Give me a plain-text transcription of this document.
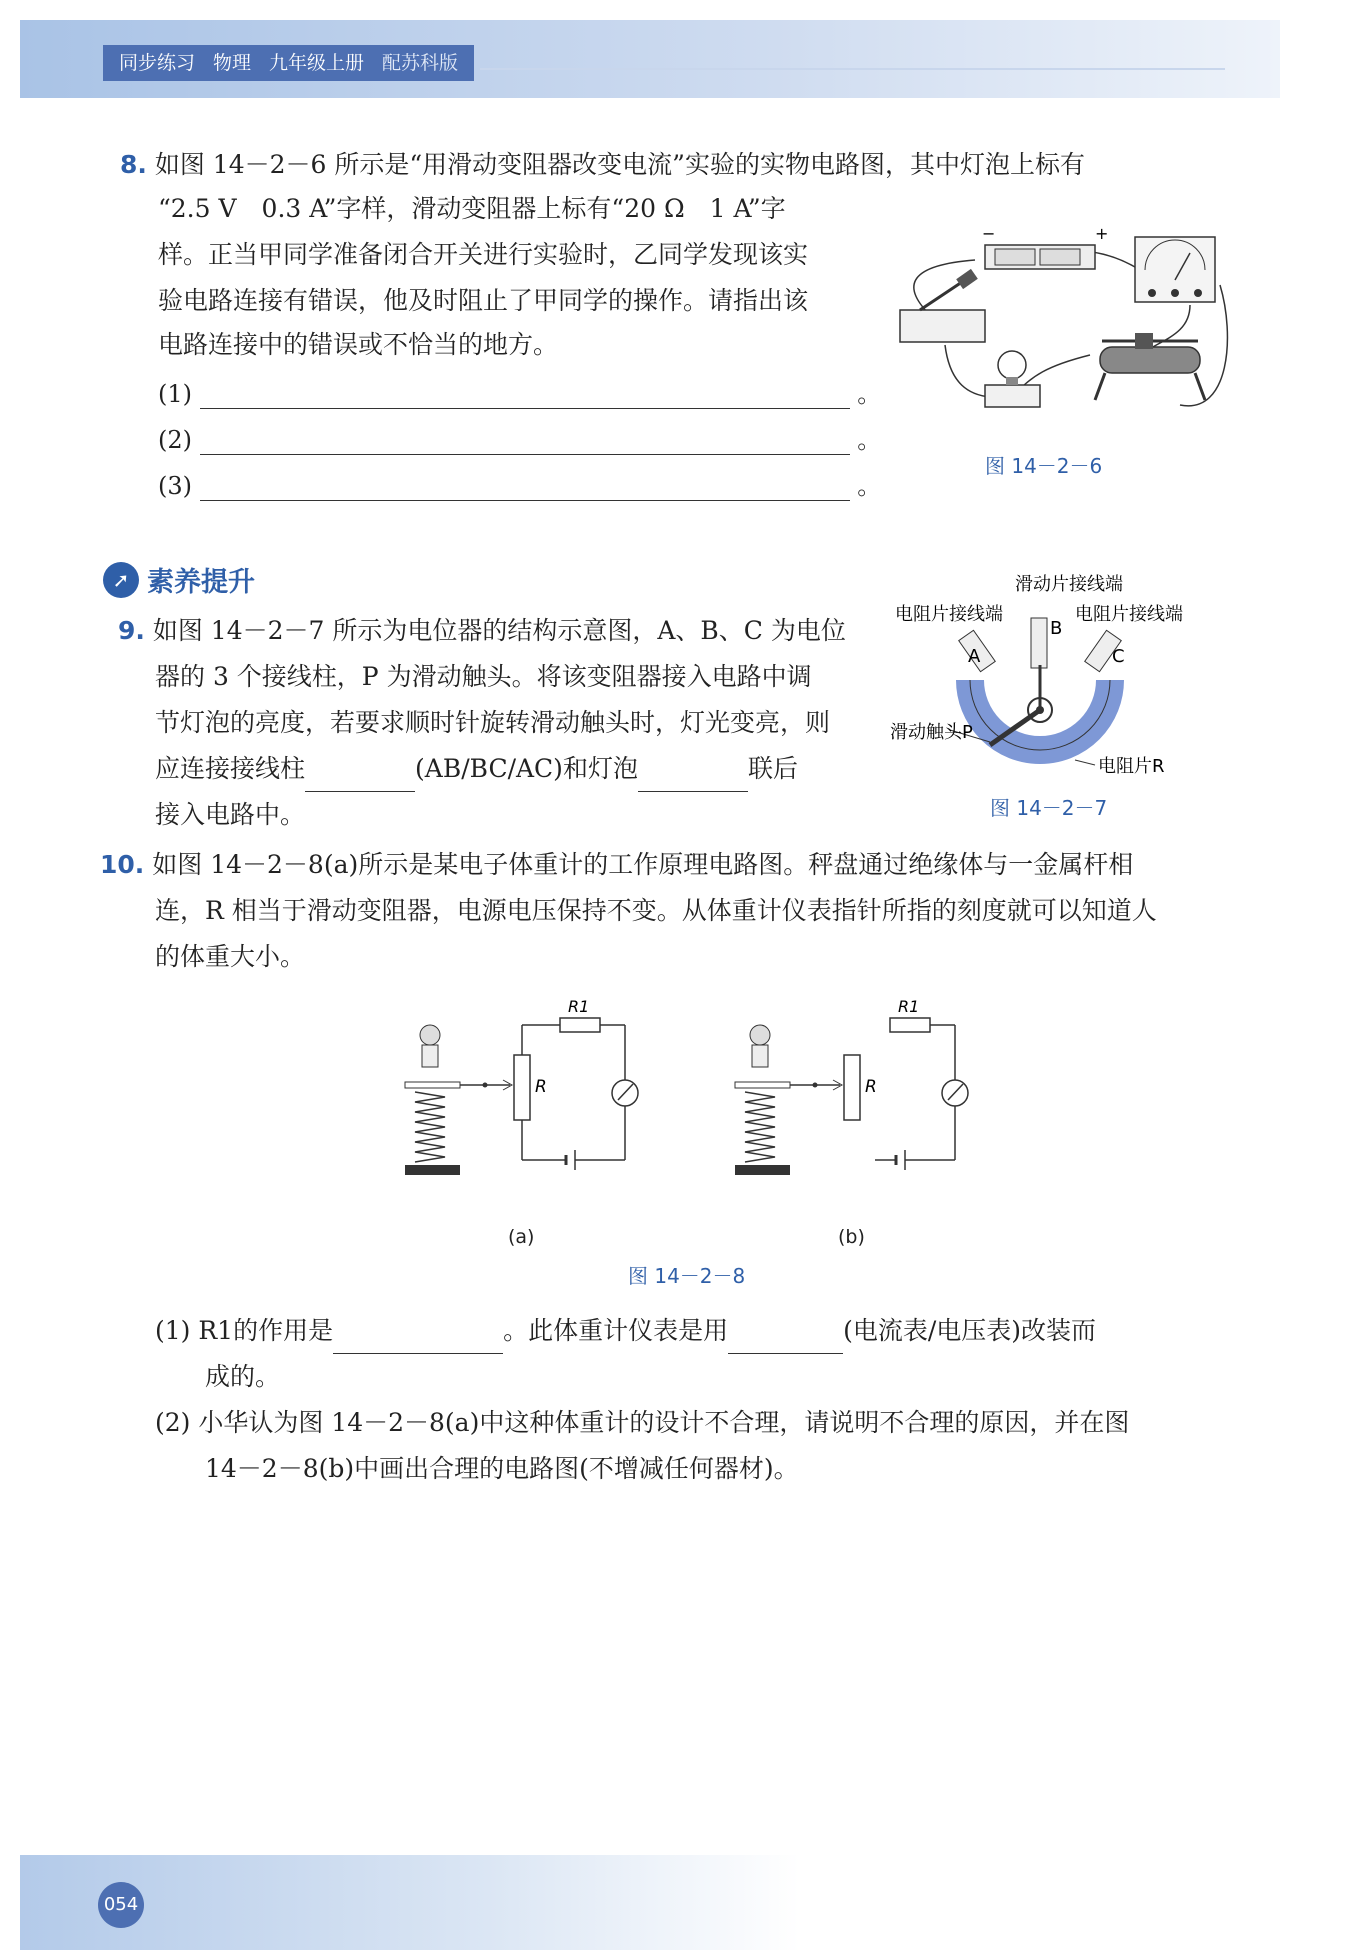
同步练习 物理 九年级上册 配苏科版
8. 如图 14－2－6 所示是“用滑动变阻器改变电流”实验的实物电路图，其中灯泡上标有
“2.5 V　0.3 A”字样，滑动变阻器上标有“20 Ω　1 A”字
样。正当甲同学准备闭合开关进行实验时，乙同学发现该实
验电路连接有错误，他及时阻止了甲同学的操作。请指出该
电路连接中的错误或不恰当的地方。
(1)	。
(2)	。
(3)	。
−	+
图 14－2－6
➚ 素养提升
9. 如图 14－2－7 所示为电位器的结构示意图，A、B、C 为电位
器的 3 个接线柱，P 为滑动触头。将该变阻器接入电路中调
节灯泡的亮度，若要求顺时针旋转滑动触头时，灯光变亮，则
应连接接线柱	(AB/BC/AC)和灯泡	联后
接入电路中。
滑动片接线端
电阻片接线端	电阻片接线端
A
B
C
滑动触头P
电阻片R
图 14－2－7
10. 如图 14－2－8(a)所示是某电子体重计的工作原理电路图。秤盘通过绝缘体与一金属杆相
连，R 相当于滑动变阻器，电源电压保持不变。从体重计仪表指针所指的刻度就可以知道人
的体重大小。
R
R1
(a)
R
R1
(b)
图 14－2－8
(1) R1的作用是	。此体重计仪表是用	(电流表/电压表)改装而
成的。
(2) 小华认为图 14－2－8(a)中这种体重计的设计不合理，请说明不合理的原因，并在图
14－2－8(b)中画出合理的电路图(不增减任何器材)。
054
